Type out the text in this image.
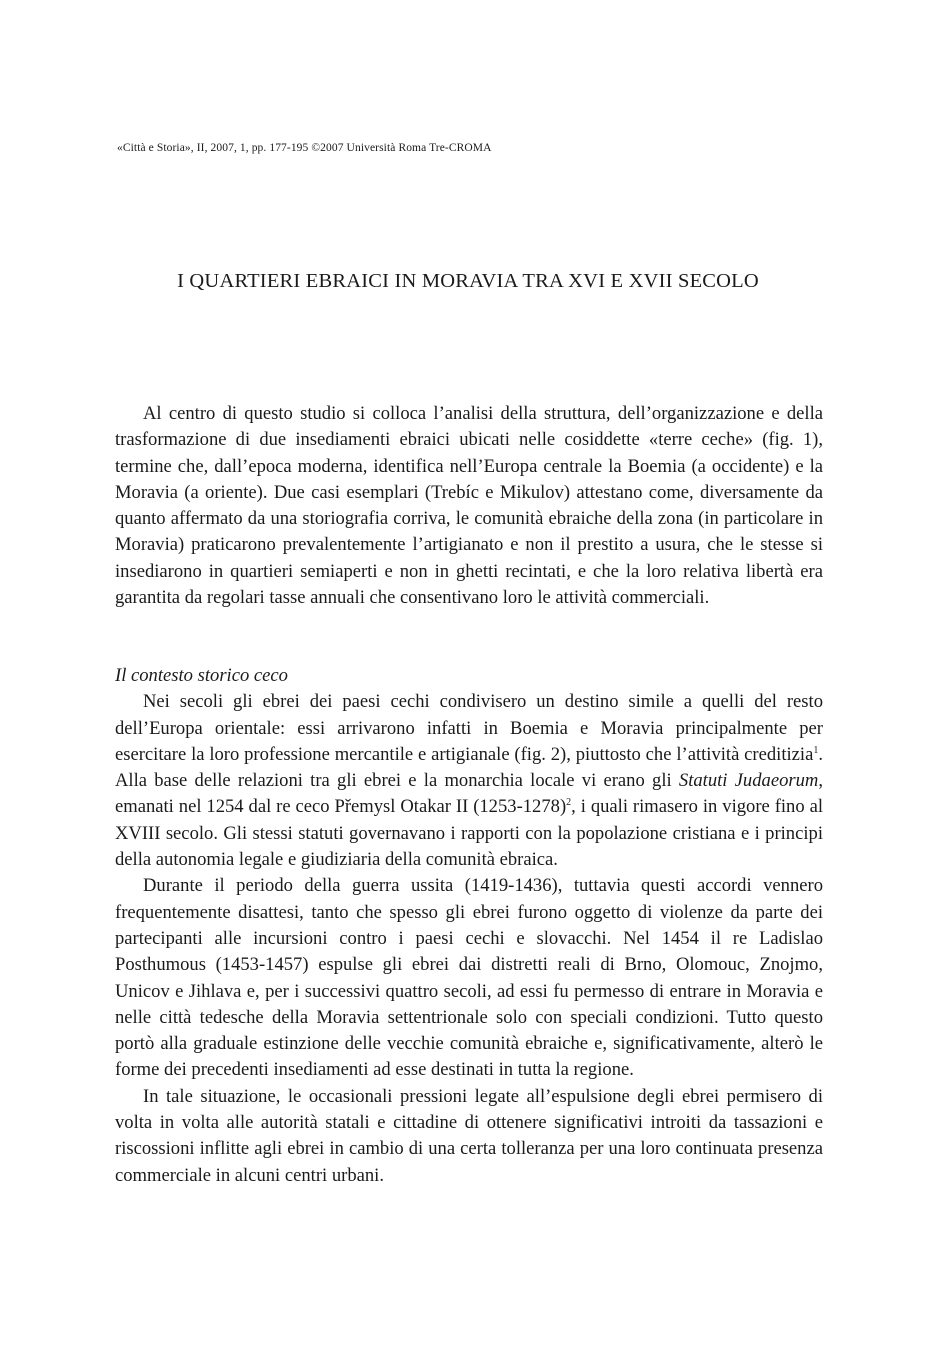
«Città e Storia», II, 2007, 1, pp. 177-195 ©2007 Università Roma Tre-CROMA
I QUARTIERI EBRAICI IN MORAVIA TRA XVI E XVII SECOLO

Al centro di questo studio si colloca l’analisi della struttura, dell’organizzazione e della trasformazione di due insediamenti ebraici ubicati nelle cosiddette «terre ceche» (fig. 1), termine che, dall’epoca moderna, identifica nell’Europa centrale la Boemia (a occidente) e la Moravia (a oriente). Due casi esemplari (Trebíc e Mikulov) attestano come, diversamente da quanto affermato da una storiografia corriva, le comunità ebraiche della zona (in particolare in Moravia) praticarono prevalentemente l’artigianato e non il prestito a usura, che le stesse si insediarono in quartieri semiaperti e non in ghetti recintati, e che la loro relativa libertà era garantita da regolari tasse annuali che consentivano loro le attività commerciali.

Il contesto storico ceco

Nei secoli gli ebrei dei paesi cechi condivisero un destino simile a quelli del resto dell’Europa orientale: essi arrivarono infatti in Boemia e Moravia principalmente per esercitare la loro professione mercantile e artigianale (fig. 2), piuttosto che l’attività creditizia$^1$. Alla base delle relazioni tra gli ebrei e la monarchia locale vi erano gli Statuti Judaeorum, emanati nel 1254 dal re ceco Přemysl Otakar II (1253-1278)$^2$, i quali rimasero in vigore fino al XVIII secolo. Gli stessi statuti governavano i rapporti con la popolazione cristiana e i principi della autonomia legale e giudiziaria della comunità ebraica.

Durante il periodo della guerra ussita (1419-1436), tuttavia questi accordi vennero frequentemente disattesi, tanto che spesso gli ebrei furono oggetto di violenze da parte dei partecipanti alle incursioni contro i paesi cechi e slovacchi. Nel 1454 il re Ladislao Posthumous (1453-1457) espulse gli ebrei dai distretti reali di Brno, Olomouc, Znojmo, Unicov e Jihlava e, per i successivi quattro secoli, ad essi fu permesso di entrare in Moravia e nelle città tedesche della Moravia settentrionale solo con speciali condizioni. Tutto questo portò alla graduale estinzione delle vecchie comunità ebraiche e, significativamente, alterò le forme dei precedenti insediamenti ad esse destinati in tutta la regione.

In tale situazione, le occasionali pressioni legate all’espulsione degli ebrei permisero di volta in volta alle autorità statali e cittadine di ottenere significativi introiti da tassazioni e riscossioni inflitte agli ebrei in cambio di una certa tolleranza per una loro continuata presenza commerciale in alcuni centri urbani.
